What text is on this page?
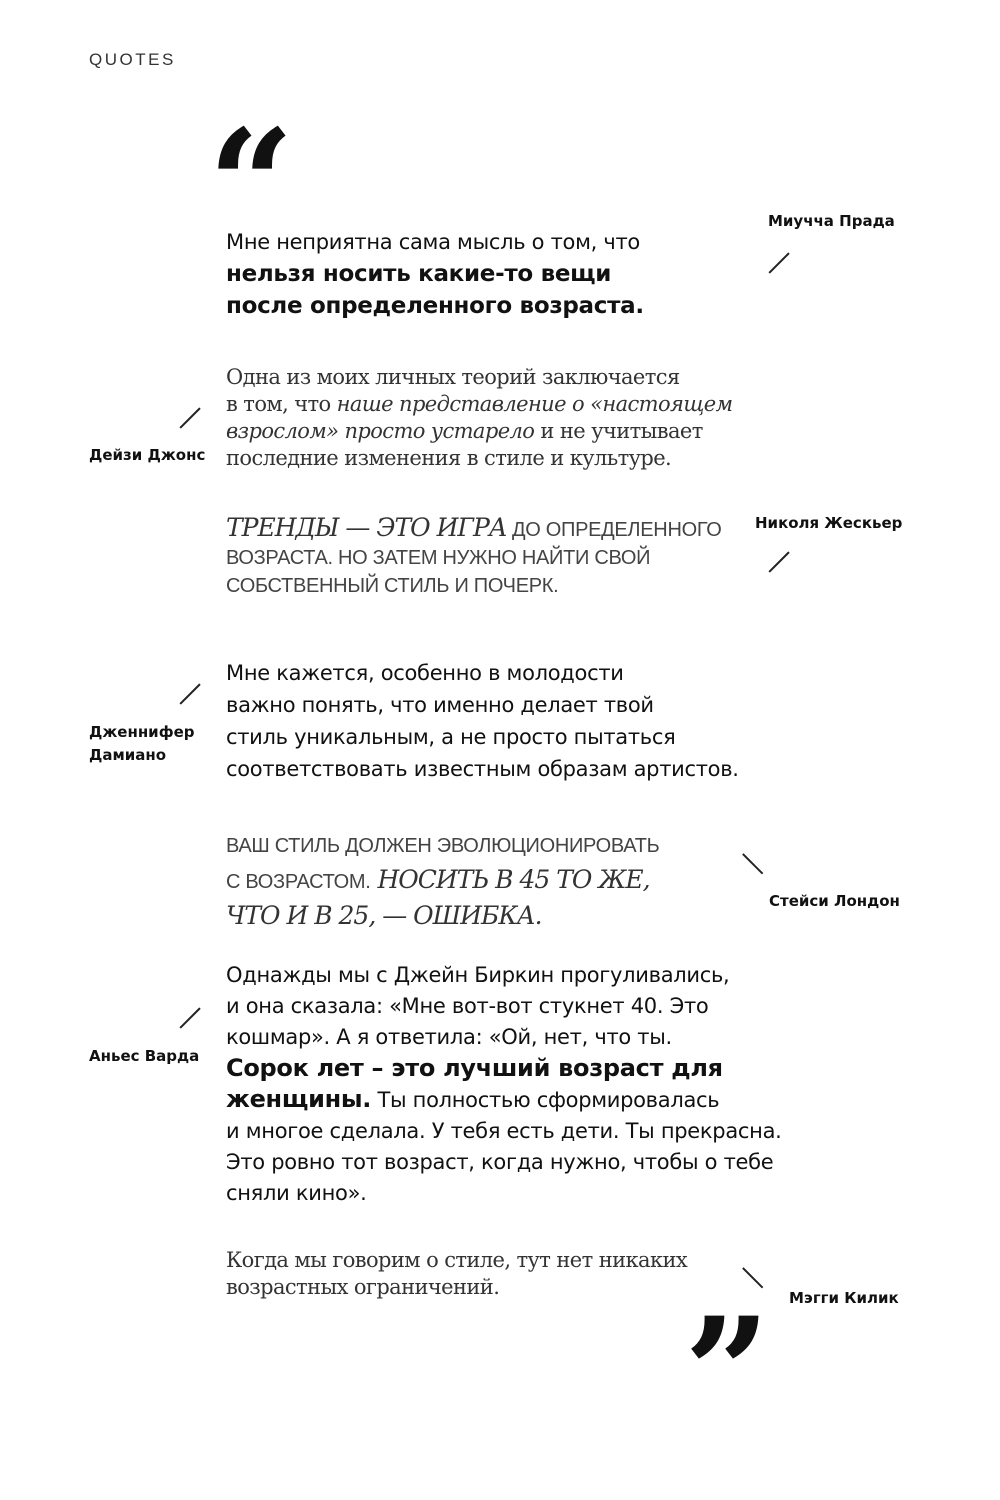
QUOTES
“	Миучча Прада
Мне неприятна сама мысль о том, что
нельзя носить какие-то вещи
после определенного возраста.
Дейзи Джонс
Одна из моих личных теорий заключается
в том, что наше представление о «настоящем
взрослом» просто устарело и не учитывает
последние изменения в стиле и культуре.
Николя Жескьер
ТРЕНДЫ — ЭТО ИГРА ДО ОПРЕДЕЛЕННОГО
ВОЗРАСТА. НО ЗАТЕМ НУЖНО НАЙТИ СВОЙ
СОБСТВЕННЫЙ СТИЛЬ И ПОЧЕРК.
Дженнифер
Дамиано
Мне кажется, особенно в молодости
важно понять, что именно делает твой
стиль уникальным, а не просто пытаться
соответствовать известным образам артистов.
Стейси Лондон
ВАШ СТИЛЬ ДОЛЖЕН ЭВОЛЮЦИОНИРОВАТЬ
С ВОЗРАСТОМ. НОСИТЬ В 45 ТО ЖЕ,
ЧТО И В 25, — ОШИБКА.
Аньес Варда
Однажды мы с Джейн Биркин прогуливались,
и она сказала: «Мне вот-вот стукнет 40. Это
кошмар». А я ответила: «Ой, нет, что ты.
Сорок лет – это лучший возраст для
женщины. Ты полностью сформировалась
и многое сделала. У тебя есть дети. Ты прекрасна.
Это ровно тот возраст, когда нужно, чтобы о тебе
сняли кино».
Мэгги Килик
Когда мы говорим о стиле, тут нет никаких
возрастных ограничений.	”
